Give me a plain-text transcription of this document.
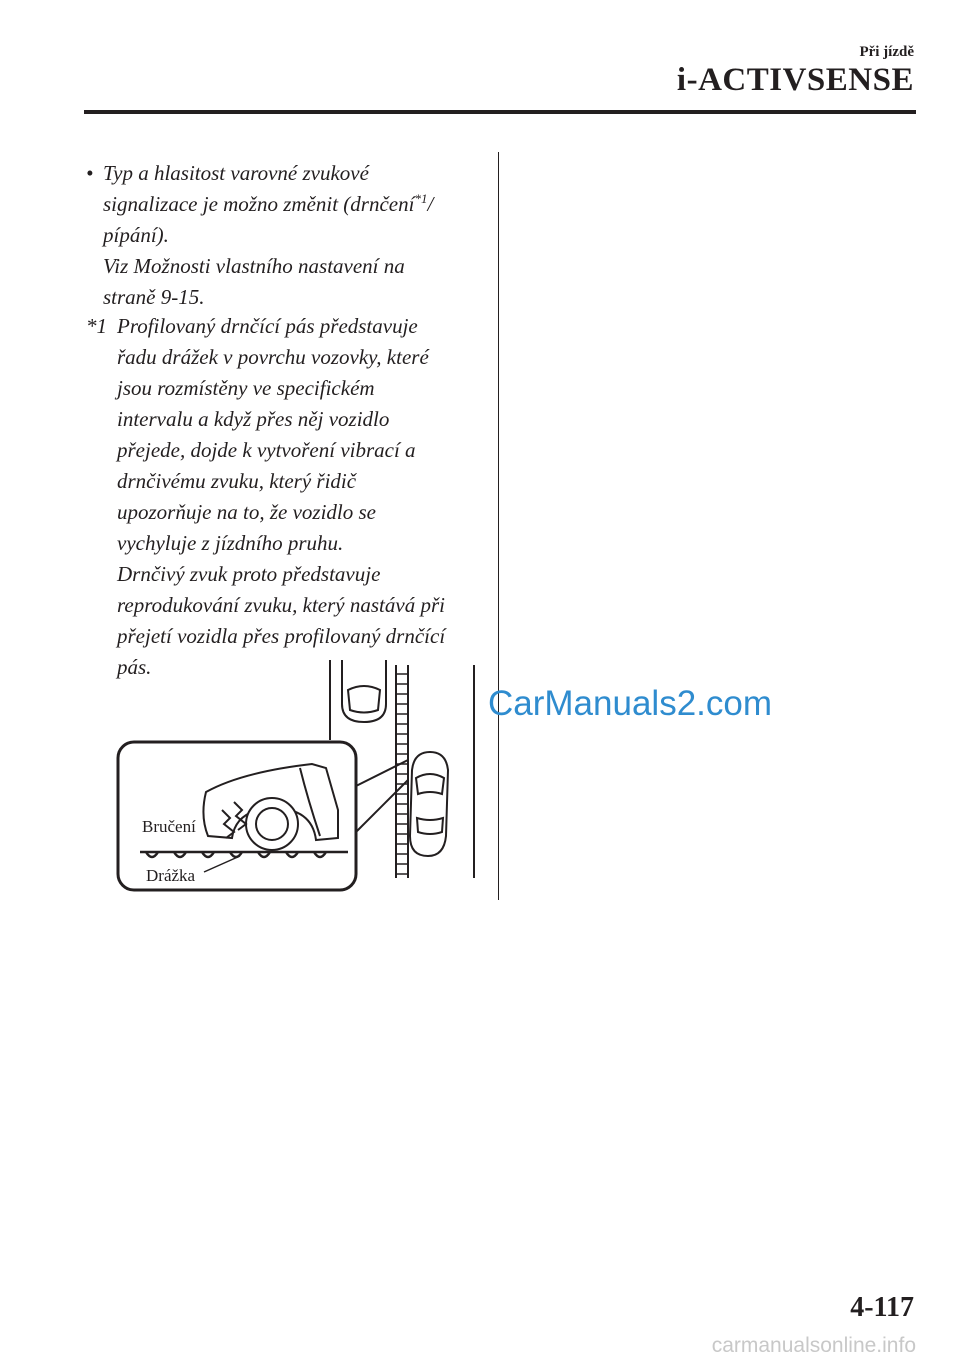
Při jízdě
i-ACTIVSENSE
• Typ a hlasitost varovné zvukové
signalizace je možno změnit (drnčení$^{*1}$/
pípání).
Viz Možnosti vlastního nastavení na
straně 9-15.
*1 Profilovaný drnčící pás představuje
řadu drážek v povrchu vozovky, které
jsou rozmístěny ve specifickém
intervalu a když přes něj vozidlo
přejede, dojde k vytvoření vibrací a
drnčivému zvuku, který řidič
upozorňuje na to, že vozidlo se
vychyluje z jízdního pruhu.
Drnčivý zvuk proto představuje
reprodukování zvuku, který nastává při
přejetí vozidla přes profilovaný drnčící
pás.
Bručení
Drážka
CarManuals2.com
4-117
carmanualsonline.info
